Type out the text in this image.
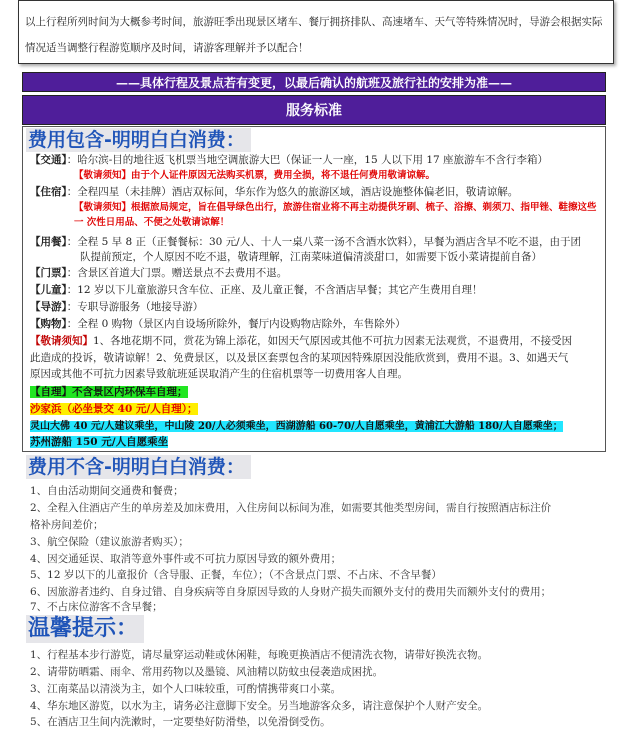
以上行程所列时间为大概参考时间，旅游旺季出现景区堵车、餐厅拥挤排队、高速堵车、天气等特殊情况时，导游会根据实际
情况适当调整行程游览顺序及时间，请游客理解并予以配合！
——具体行程及景点若有变更，以最后确认的航班及旅行社的安排为准——
服务标准
费用包含-明明白白消费：
【交通】：哈尔滨-目的地往返飞机票当地空调旅游大巴（保证一人一座，15 人以下用 17 座旅游车不含行李箱）
【敬请须知】由于个人证件原因无法购买机票，费用全损，将不退任何费用敬请谅解。
【住宿】：全程四星（未挂牌）酒店双标间，华东作为悠久的旅游区域，酒店设施整体偏老旧，敬请谅解。
【敬请须知】根据旅局规定，旨在倡导绿色出行，旅游住宿业将不再主动提供牙刷、梳子、浴擦、剃须刀、指甲锉、鞋擦这些
一 次性日用品、不便之处敬请谅解！
【用餐】：全程 5 早 8 正（正餐餐标：30 元/人、十人一桌八菜一汤不含酒水饮料），早餐为酒店含早不吃不退，由于团
队提前预定，个人原因不吃不退，敬请理解，江南菜味道偏清淡甜口，如需要下饭小菜请提前自备）
【门票】：含景区首道大门票。赠送景点不去费用不退。
【儿童】：12 岁以下儿童旅游只含车位、正座、及儿童正餐，不含酒店早餐；其它产生费用自理！
【导游】：专职导游服务（地接导游）
【购物】：全程 0 购物（景区内自设场所除外，餐厅内设购物店除外，车售除外）
【敬请须知】1、各地花期不同，赏花为锦上添花，如因天气原因或其他不可抗力因素无法观赏，不退费用，不接受因
此造成的投诉，敬请谅解！2、免费景区，以及景区套票包含的某项因特殊原因没能欣赏到，费用不退。3、如遇天气
原因或其他不可抗力因素导致航班延误取消产生的住宿机票等一切费用客人自理。
【自理】不含景区内环保车自理；
沙家浜（必坐景交 40 元/人自理）；
灵山大佛 40 元/人建议乘坐，中山陵 20/人必须乘坐，西湖游船 60-70/人自愿乘坐，黄浦江大游船 180/人自愿乘坐；
苏州游船 150 元/人自愿乘坐
费用不含-明明白白消费：
1、自由活动期间交通费和餐费；
2、全程入住酒店产生的单房差及加床费用，入住房间以标间为准，如需要其他类型房间，需自行按照酒店标注价
格补房间差价；
3、航空保险（建议旅游者购买）；
4、因交通延误、取消等意外事件或不可抗力原因导致的额外费用；
5、12 岁以下的儿童报价（含导服、正餐，车位）；（不含景点门票、不占床、不含早餐）
6、因旅游者违约、自身过错、自身疾病等自身原因导致的人身财产损失而额外支付的费用失而额外支付的费用；
7、不占床位游客不含早餐；
温馨提示：
1、行程基本步行游览，请尽量穿运动鞋或休闲鞋，每晚更换酒店不便清洗衣物，请带好换洗衣物。
2、请带防晒霜、雨伞、常用药物以及墨镜、风油精以防蚊虫侵袭造成困扰。
3、江南菜品以清淡为主，如个人口味较重，可酌情携带爽口小菜。
4、华东地区游览，以水为主，请务必注意脚下安全。另当地游客众多，请注意保护个人财产安全。
5、在酒店卫生间内洗漱时，一定要垫好防滑垫，以免滑倒受伤。
